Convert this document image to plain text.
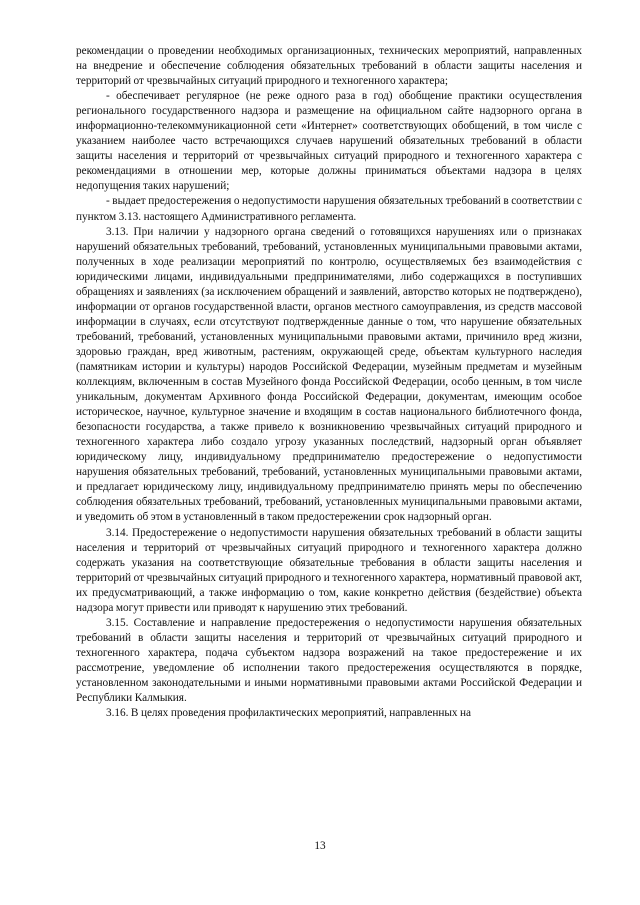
рекомендации о проведении необходимых организационных, технических мероприятий, направленных на внедрение и обеспечение соблюдения обязательных требований в области защиты населения и территорий от чрезвычайных ситуаций природного и техногенного характера;

- обеспечивает регулярное (не реже одного раза в год) обобщение практики осуществления регионального государственного надзора и размещение на официальном сайте надзорного органа в информационно-телекоммуникационной сети «Интернет» соответствующих обобщений, в том числе с указанием наиболее часто встречающихся случаев нарушений обязательных требований в области защиты населения и территорий от чрезвычайных ситуаций природного и техногенного характера с рекомендациями в отношении мер, которые должны приниматься объектами надзора в целях недопущения таких нарушений;

- выдает предостережения о недопустимости нарушения обязательных требований в соответствии с пунктом 3.13. настоящего Административного регламента.

3.13. При наличии у надзорного органа сведений о готовящихся нарушениях или о признаках нарушений обязательных требований, требований, установленных муниципальными правовыми актами, полученных в ходе реализации мероприятий по контролю, осуществляемых без взаимодействия с юридическими лицами, индивидуальными предпринимателями, либо содержащихся в поступивших обращениях и заявлениях (за исключением обращений и заявлений, авторство которых не подтверждено), информации от органов государственной власти, органов местного самоуправления, из средств массовой информации в случаях, если отсутствуют подтвержденные данные о том, что нарушение обязательных требований, требований, установленных муниципальными правовыми актами, причинило вред жизни, здоровью граждан, вред животным, растениям, окружающей среде, объектам культурного наследия (памятникам истории и культуры) народов Российской Федерации, музейным предметам и музейным коллекциям, включенным в состав Музейного фонда Российской Федерации, особо ценным, в том числе уникальным, документам Архивного фонда Российской Федерации, документам, имеющим особое историческое, научное, культурное значение и входящим в состав национального библиотечного фонда, безопасности государства, а также привело к возникновению чрезвычайных ситуаций природного и техногенного характера либо создало угрозу указанных последствий, надзорный орган объявляет юридическому лицу, индивидуальному предпринимателю предостережение о недопустимости нарушения обязательных требований, требований, установленных муниципальными правовыми актами, и предлагает юридическому лицу, индивидуальному предпринимателю принять меры по обеспечению соблюдения обязательных требований, требований, установленных муниципальными правовыми актами, и уведомить об этом в установленный в таком предостережении срок надзорный орган.

3.14. Предостережение о недопустимости нарушения обязательных требований в области защиты населения и территорий от чрезвычайных ситуаций природного и техногенного характера должно содержать указания на соответствующие обязательные требования в области защиты населения и территорий от чрезвычайных ситуаций природного и техногенного характера, нормативный правовой акт, их предусматривающий, а также информацию о том, какие конкретно действия (бездействие) объекта надзора могут привести или приводят к нарушению этих требований.

3.15. Составление и направление предостережения о недопустимости нарушения обязательных требований в области защиты населения и территорий от чрезвычайных ситуаций природного и техногенного характера, подача субъектом надзора возражений на такое предостережение и их рассмотрение, уведомление об исполнении такого предостережения осуществляются в порядке, установленном законодательными и иными нормативными правовыми актами Российской Федерации и Республики Калмыкия.

3.16. В целях проведения профилактических мероприятий, направленных на

13
